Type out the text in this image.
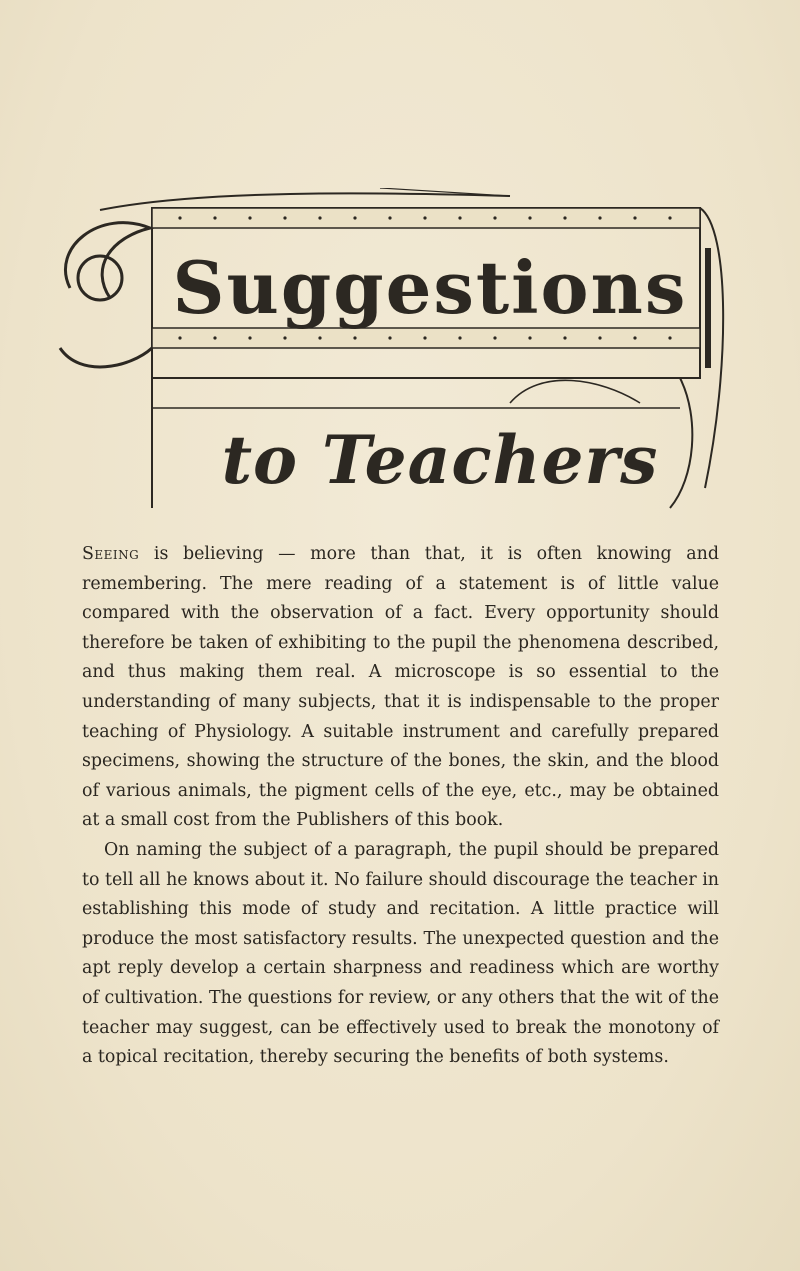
Suggestions
to Teachers

Seeing is believing — more than that, it is often knowing and remembering. The mere reading of a statement is of little value compared with the observation of a fact. Every opportunity should therefore be taken of exhibiting to the pupil the phenomena described, and thus making them real. A microscope is so essential to the understanding of many subjects, that it is indispensable to the proper teaching of Physiology. A suitable instrument and carefully prepared specimens, showing the structure of the bones, the skin, and the blood of various animals, the pigment cells of the eye, etc., may be obtained at a small cost from the Publishers of this book.

On naming the subject of a paragraph, the pupil should be prepared to tell all he knows about it. No failure should discourage the teacher in establishing this mode of study and recitation. A little practice will produce the most satisfactory results. The unexpected question and the apt reply develop a certain sharpness and readiness which are worthy of cultivation. The questions for review, or any others that the wit of the teacher may suggest, can be effectively used to break the monotony of a topical recitation, thereby securing the benefits of both systems.
